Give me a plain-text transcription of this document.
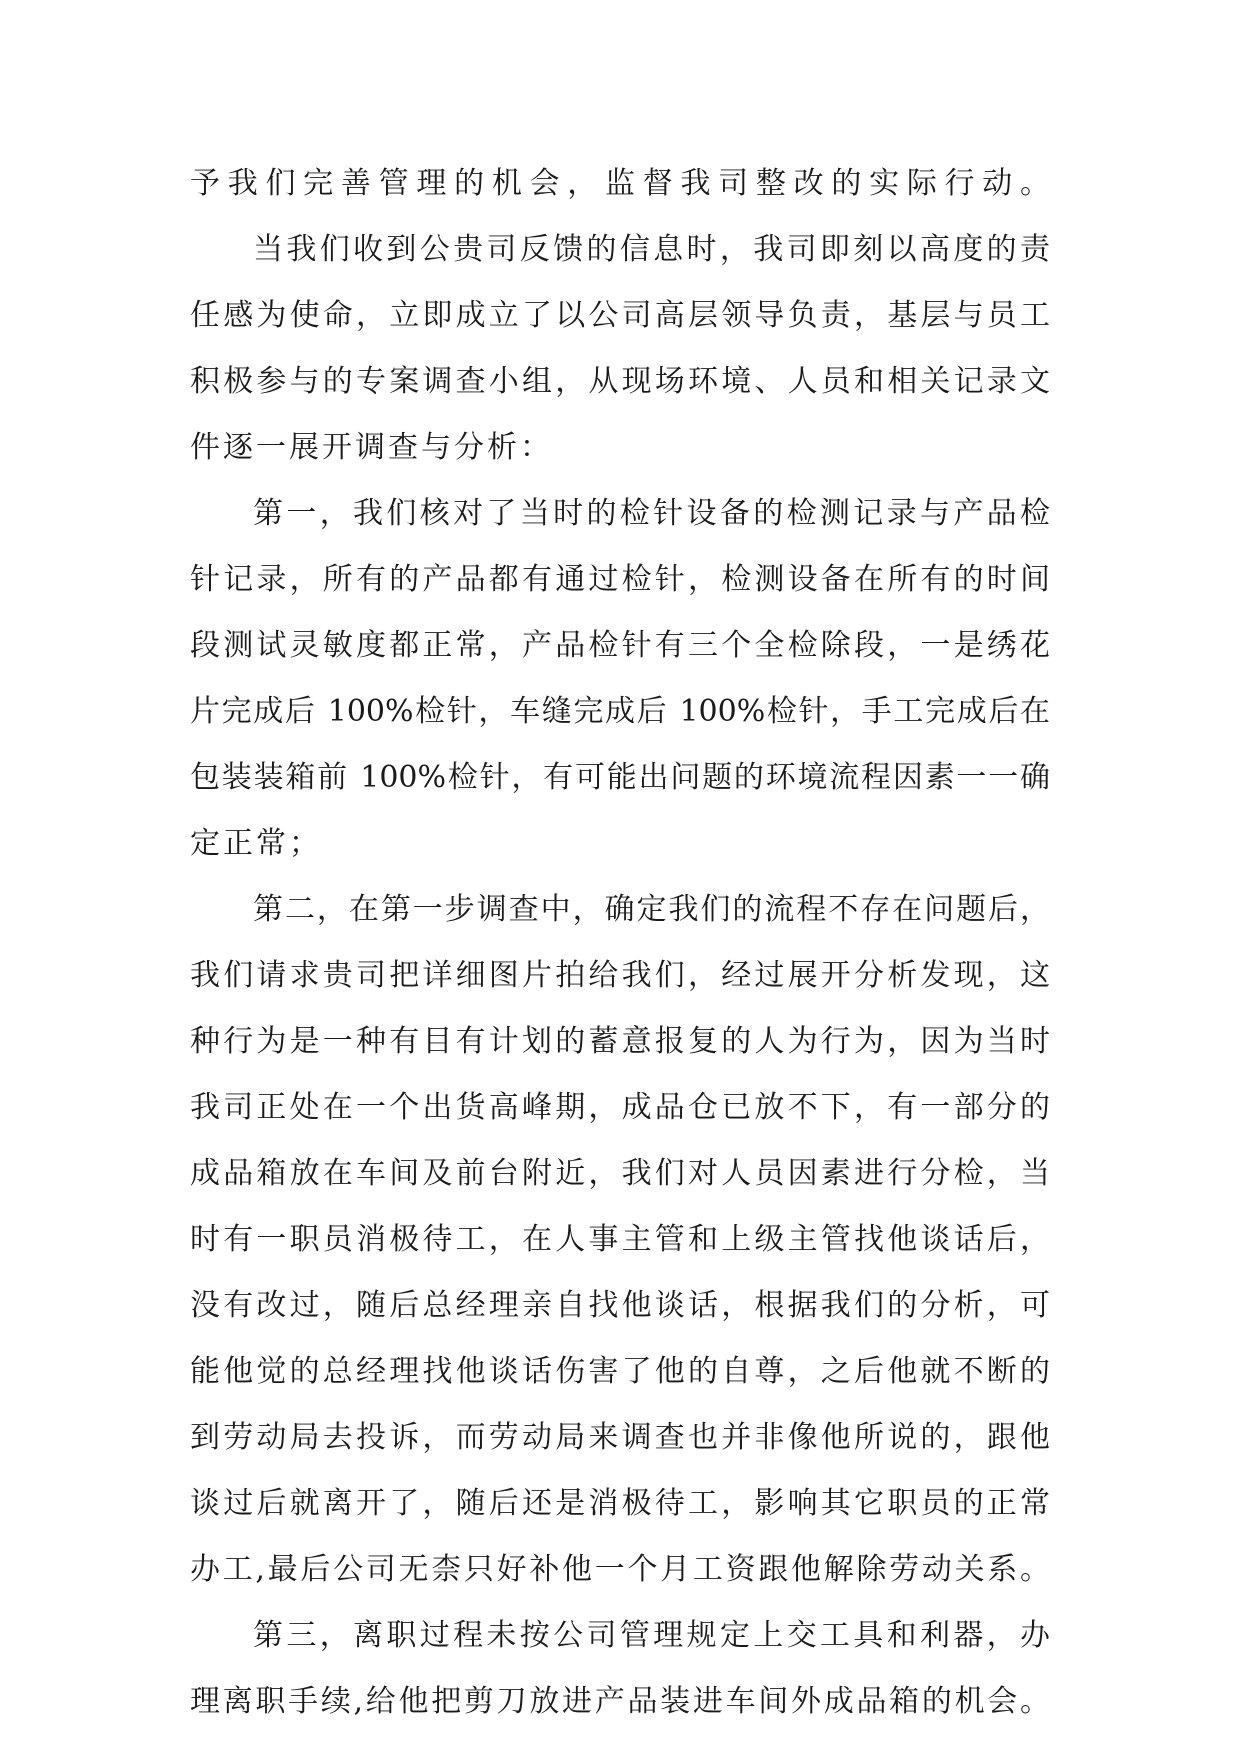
予我们完善管理的机会，监督我司整改的实际行动。
当我们收到公贵司反馈的信息时，我司即刻以高度的责
任感为使命，立即成立了以公司高层领导负责，基层与员工
积极参与的专案调查小组，从现场环境、人员和相关记录文
件逐一展开调查与分析：
第一，我们核对了当时的检针设备的检测记录与产品检
针记录，所有的产品都有通过检针，检测设备在所有的时间
段测试灵敏度都正常，产品检针有三个全检除段，一是绣花
片完成后 100%检针，车缝完成后 100%检针，手工完成后在
包装装箱前 100%检针，有可能出问题的环境流程因素一一确
定正常；
第二，在第一步调查中，确定我们的流程不存在问题后，
我们请求贵司把详细图片拍给我们，经过展开分析发现，这
种行为是一种有目有计划的蓄意报复的人为行为，因为当时
我司正处在一个出货高峰期，成品仓已放不下，有一部分的
成品箱放在车间及前台附近，我们对人员因素进行分检，当
时有一职员消极待工，在人事主管和上级主管找他谈话后，
没有改过，随后总经理亲自找他谈话，根据我们的分析，可
能他觉的总经理找他谈话伤害了他的自尊，之后他就不断的
到劳动局去投诉，而劳动局来调查也并非像他所说的，跟他
谈过后就离开了，随后还是消极待工，影响其它职员的正常
办工,最后公司无柰只好补他一个月工资跟他解除劳动关系。
第三，离职过程未按公司管理规定上交工具和利器，办
理离职手续,给他把剪刀放进产品装进车间外成品箱的机会。
